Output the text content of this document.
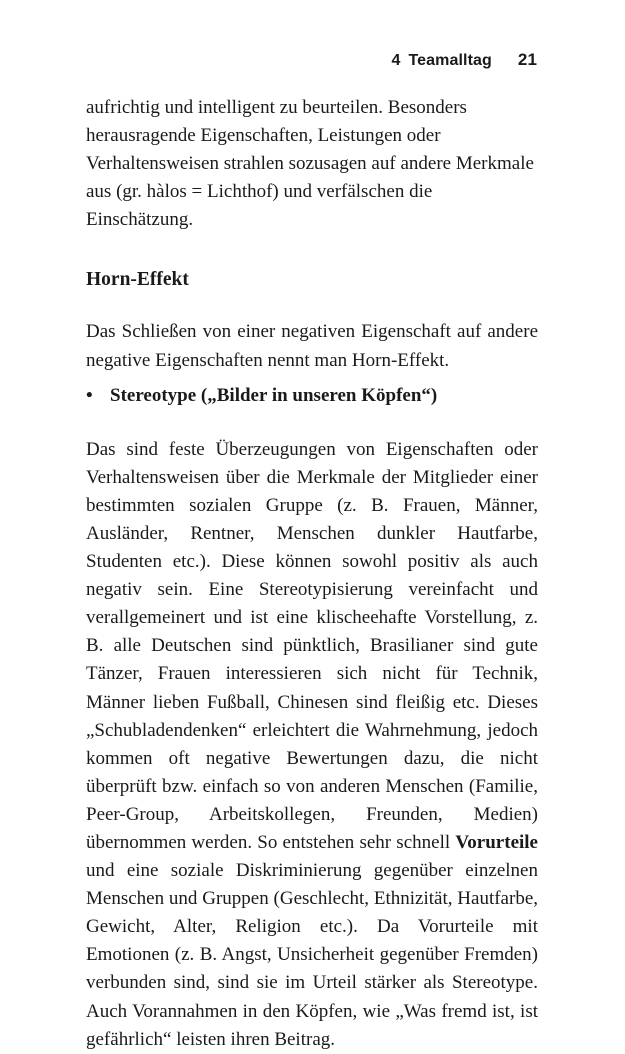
4 Teamalltag 21

aufrichtig und intelligent zu beurteilen. Besonders herausragende Eigenschaften, Leistungen oder Verhaltensweisen strahlen sozusagen auf andere Merkmale aus (gr. hàlos = Lichthof) und verfälschen die Einschätzung.

Horn-Effekt

Das Schließen von einer negativen Eigenschaft auf andere negative Eigenschaften nennt man Horn-Effekt.

• Stereotype („Bilder in unseren Köpfen“)

Das sind feste Überzeugungen von Eigenschaften oder Verhaltensweisen über die Merkmale der Mitglieder einer bestimmten sozialen Gruppe (z. B. Frauen, Männer, Ausländer, Rentner, Menschen dunkler Hautfarbe, Studenten etc.). Diese können sowohl positiv als auch negativ sein. Eine Stereotypisierung vereinfacht und verallgemeinert und ist eine klischeehafte Vorstellung, z. B. alle Deutschen sind pünktlich, Brasilianer sind gute Tänzer, Frauen interessieren sich nicht für Technik, Männer lieben Fußball, Chinesen sind fleißig etc. Dieses „Schubladendenken“ erleichtert die Wahrnehmung, jedoch kommen oft negative Bewertungen dazu, die nicht überprüft bzw. einfach so von anderen Menschen (Familie, Peer-Group, Arbeitskollegen, Freunden, Medien) übernommen werden. So entstehen sehr schnell Vorurteile und eine soziale Diskriminierung gegenüber einzelnen Menschen und Gruppen (Geschlecht, Ethnizität, Hautfarbe, Gewicht, Alter, Religion etc.). Da Vorurteile mit Emotionen (z. B. Angst, Unsicherheit gegenüber Fremden) verbunden sind, sind sie im Urteil stärker als Stereotype. Auch Vorannahmen in den Köpfen, wie „Was fremd ist, ist gefährlich“ leisten ihren Beitrag.
